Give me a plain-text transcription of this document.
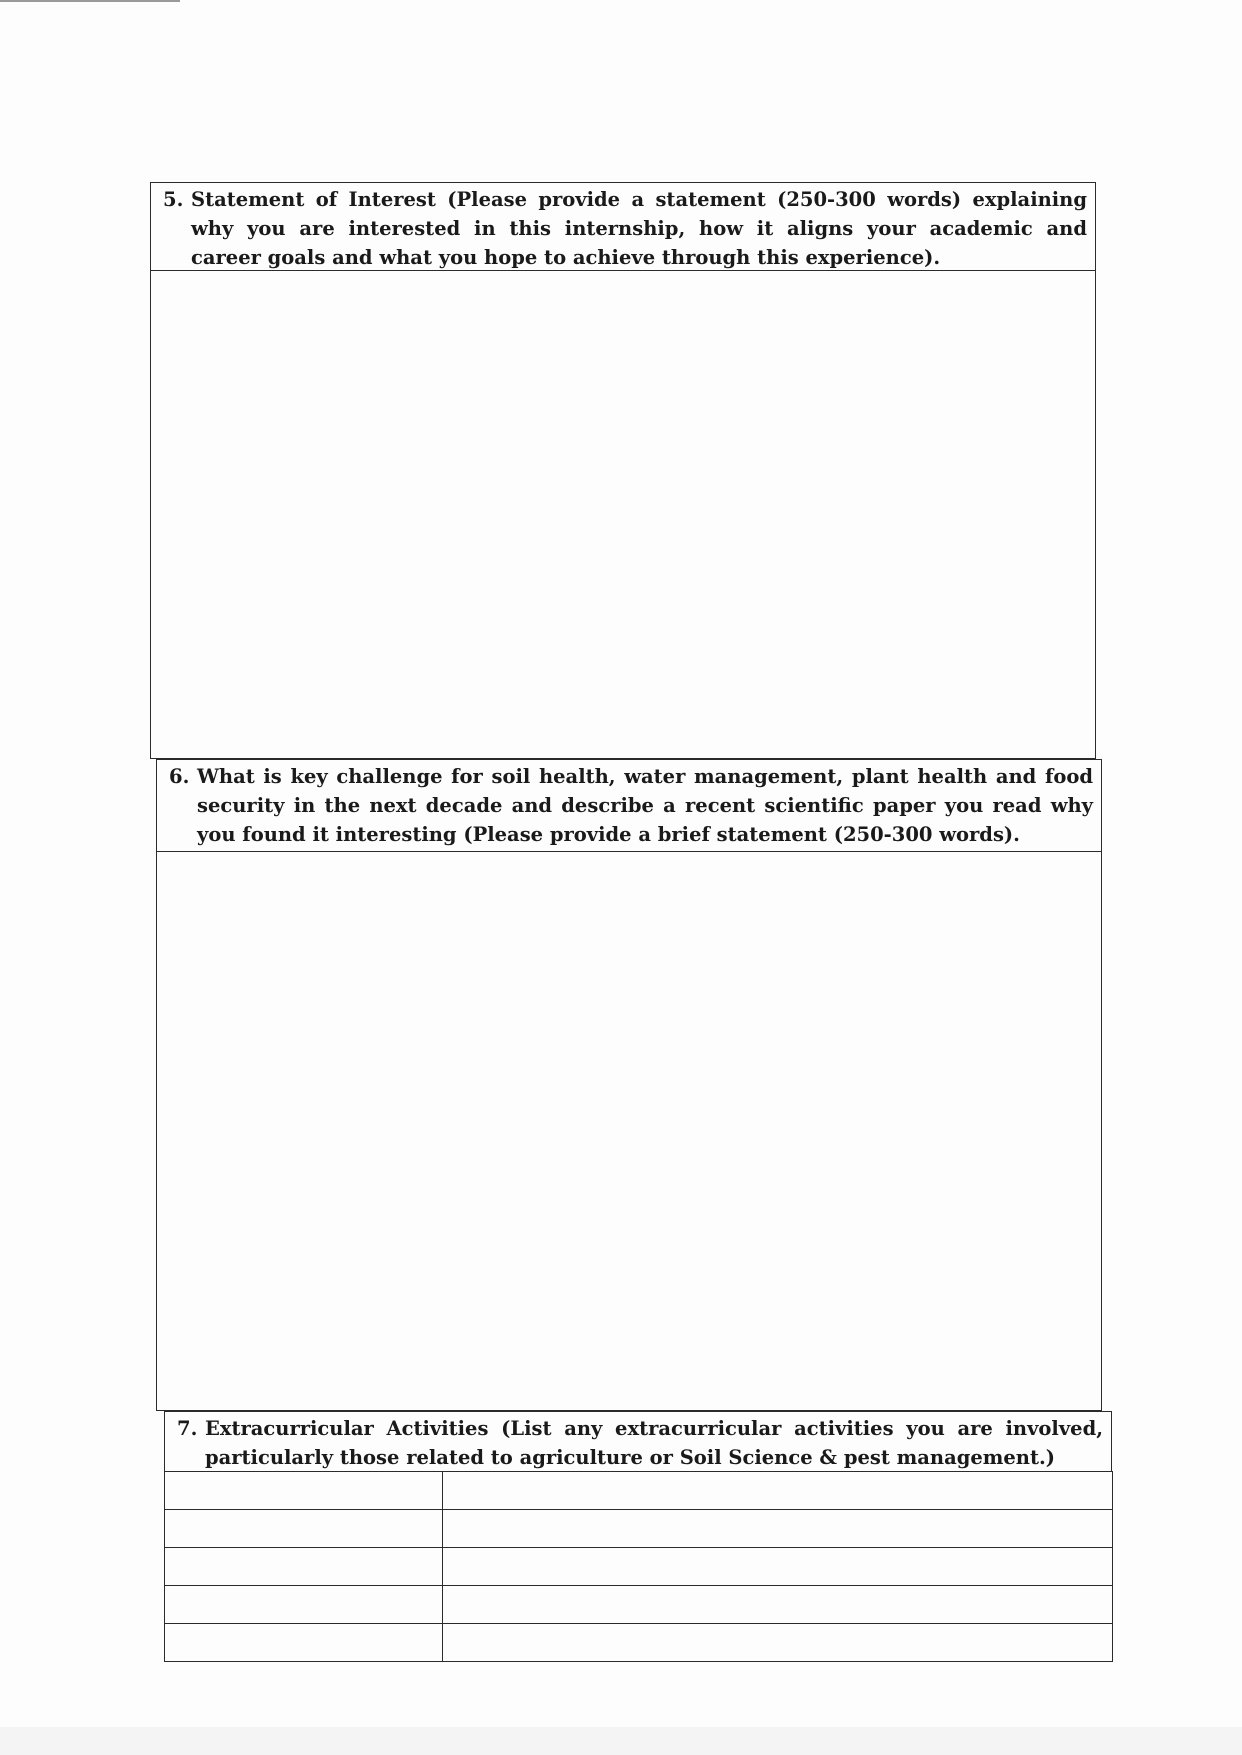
5. Statement of Interest (Please provide a statement (250-300 words) explaining
why you are interested in this internship, how it aligns your academic and
career goals and what you hope to achieve through this experience).
6. What is key challenge for soil health, water management, plant health and food
security in the next decade and describe a recent scientific paper you read why
you found it interesting (Please provide a brief statement (250-300 words).
7. Extracurricular Activities (List any extracurricular activities you are involved,
particularly those related to agriculture or Soil Science & pest management.)
